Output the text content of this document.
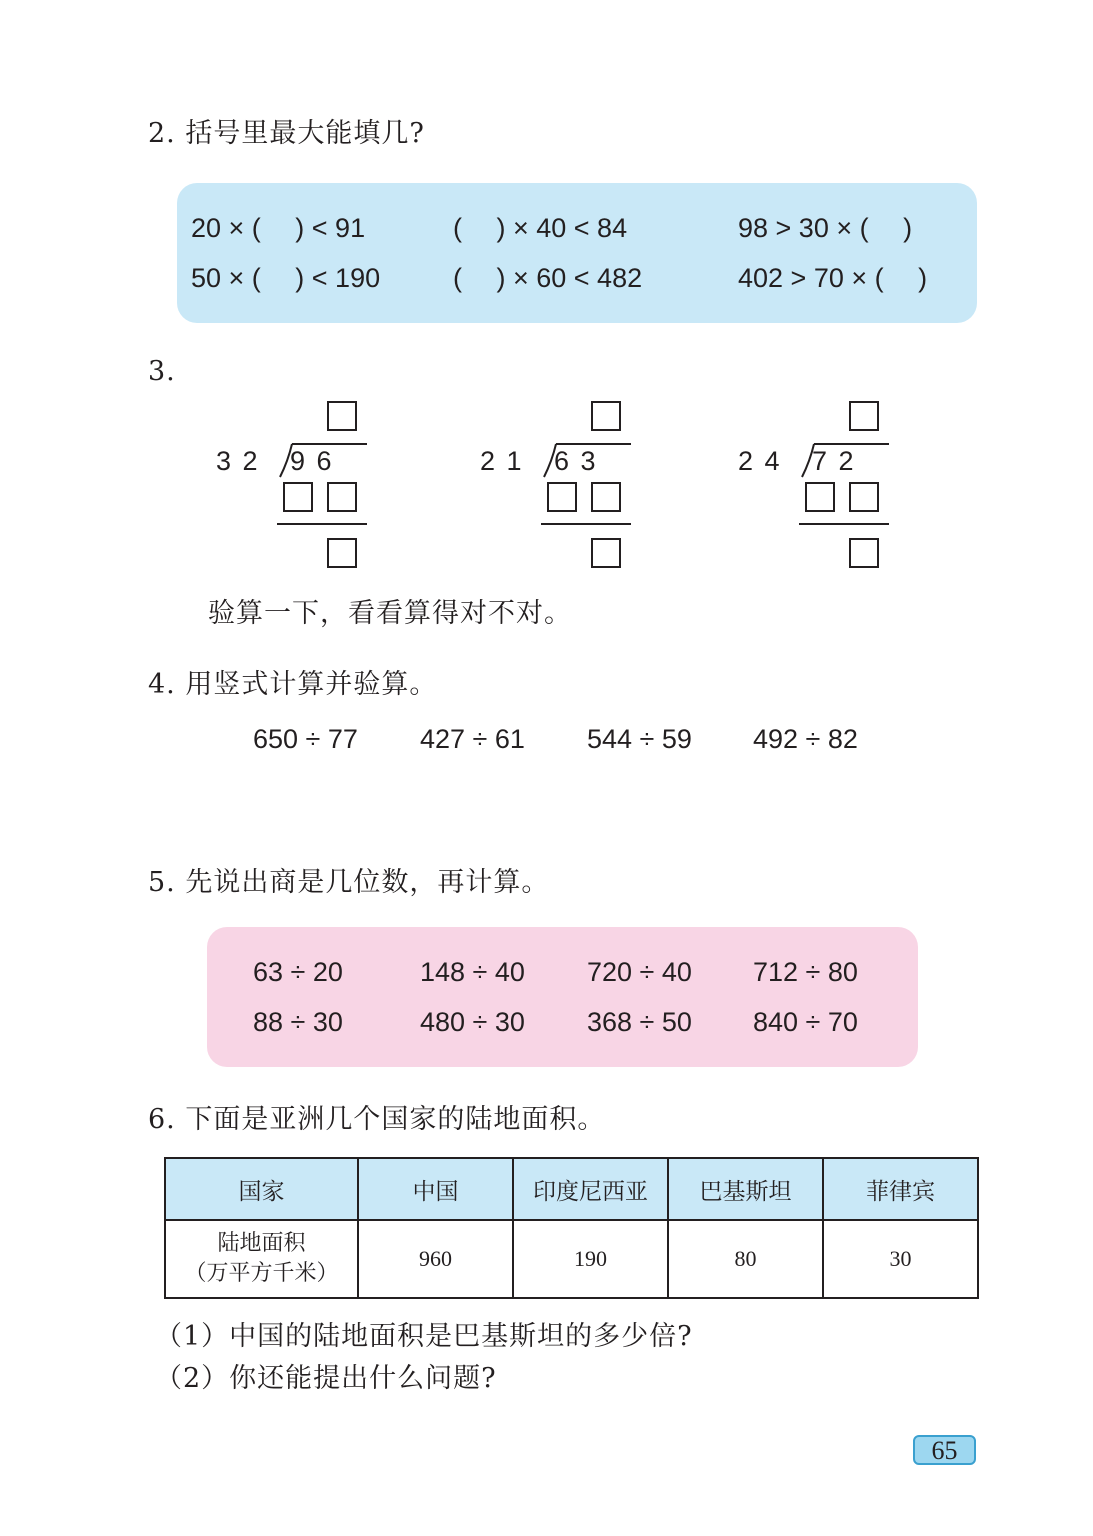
2. 括号里最大能填几?
20 × (　 ) < 91	(　 ) × 40 < 84	98 > 30 × (　 )
50 × (　 ) < 190	(　 ) × 60 < 482	402 > 70 × (　 )
3.
3 2 9 6	2 1 6 3	2 4 7 2
验算一下，看看算得对不对。
4. 用竖式计算并验算。
650 ÷ 77 427 ÷ 61 544 ÷ 59 492 ÷ 82
5. 先说出商是几位数，再计算。
63 ÷ 20	148 ÷ 40 720 ÷ 40 712 ÷ 80
88 ÷ 30	480 ÷ 30 368 ÷ 50 840 ÷ 70
6. 下面是亚洲几个国家的陆地面积。
国家	中国	印度尼西亚	巴基斯坦	菲律宾

陆地面积
（万平方千米）	960	190	80	30
（1）中国的陆地面积是巴基斯坦的多少倍?
（2）你还能提出什么问题?
65
